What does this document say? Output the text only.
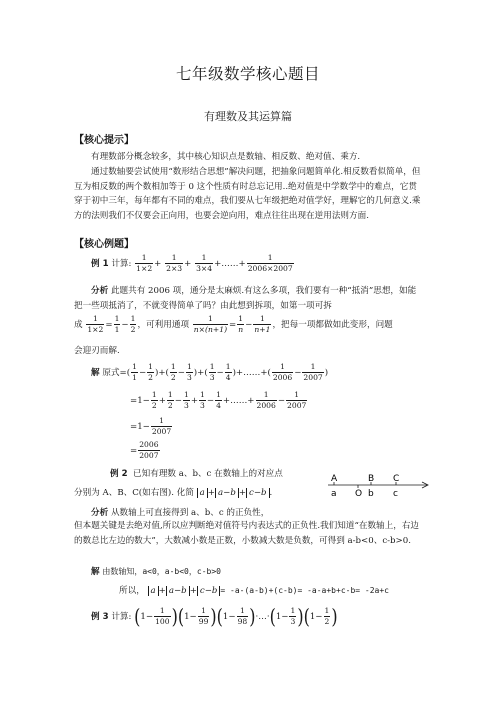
七年级数学核心题目
有理数及其运算篇
【核心提示】
有理数部分概念较多，其中核心知识点是数轴、相反数、绝对值、乘方.
通过数轴要尝试使用“数形结合思想”解决问题，把抽象问题简单化.相反数看似简单，但互为相反数的两个数相加等于 0 这个性质有时总忘记用..绝对值是中学数学中的难点，它贯穿于初中三年，每年都有不同的难点，我们要从七年级把绝对值学好，理解它的几何意义.乘方的法则我们不仅要会正向用，也要会逆向用，难点往往出现在逆用法则方面.
【核心例题】
例 1 计算: $\frac{1}{1\times 2} + \frac{1}{2\times 3} + \frac{1}{3\times 4}$ +……+ $\frac{1}{2006\times 2007}$
分析 此题共有 2006 项，通分是太麻烦.有这么多项，我们要有一种“抵消”思想，如能把一些项抵消了，不就变得简单了吗？由此想到拆项，如第一项可拆
成 $\frac{1}{1\times 2} = \frac{1}{1} - \frac{1}{2}$ ，可利用通项 $\frac{1}{n\times(n+1)} = \frac{1}{n} - \frac{1}{n+1}$ ，把每一项都做如此变形，问题
会迎刃而解.
解 原式=( $\frac{1}{1} - \frac{1}{2}$ )+( $\frac{1}{2} - \frac{1}{3}$ )+( $\frac{1}{3} - \frac{1}{4}$ )+……+( $\frac{1}{2006} - \frac{1}{2007}$ )
$=1- \frac{1}{2} + \frac{1}{2} - \frac{1}{3} + \frac{1}{3} - \frac{1}{4}$ +……+ $\frac{1}{2006} - \frac{1}{2007}$
$=1- \frac{1}{2007}$
= $\frac{2006}{2007}$
例 2 已知有理数 a、b、c 在数轴上的对应点
分别为 A、B、C(如右图). 化简 a + a−b + c−b .
A	B C
a O b c
分析 从数轴上可直接得到 a、b、c 的正负性，
但本题关键是去绝对值,所以应判断绝对值符号内表达式的正负性.我们知道“在数轴上，右边的数总比左边的数大”，大数减小数是正数，小数减大数是负数，可得到 a-b<0、c-b>0.
解 由数轴知，a<0，a-b<0，c-b>0
所以， a + a−b + c−b = -a-(a-b)+(c-b)= -a-a+b+c-b= -2a+c
例 3 计算: $(1- \frac{1}{100} )(1- \frac{1}{99} )(1- \frac{1}{98}$ )·…·(1− $\frac{1}{3} )(1- \frac{1}{2}$ )
